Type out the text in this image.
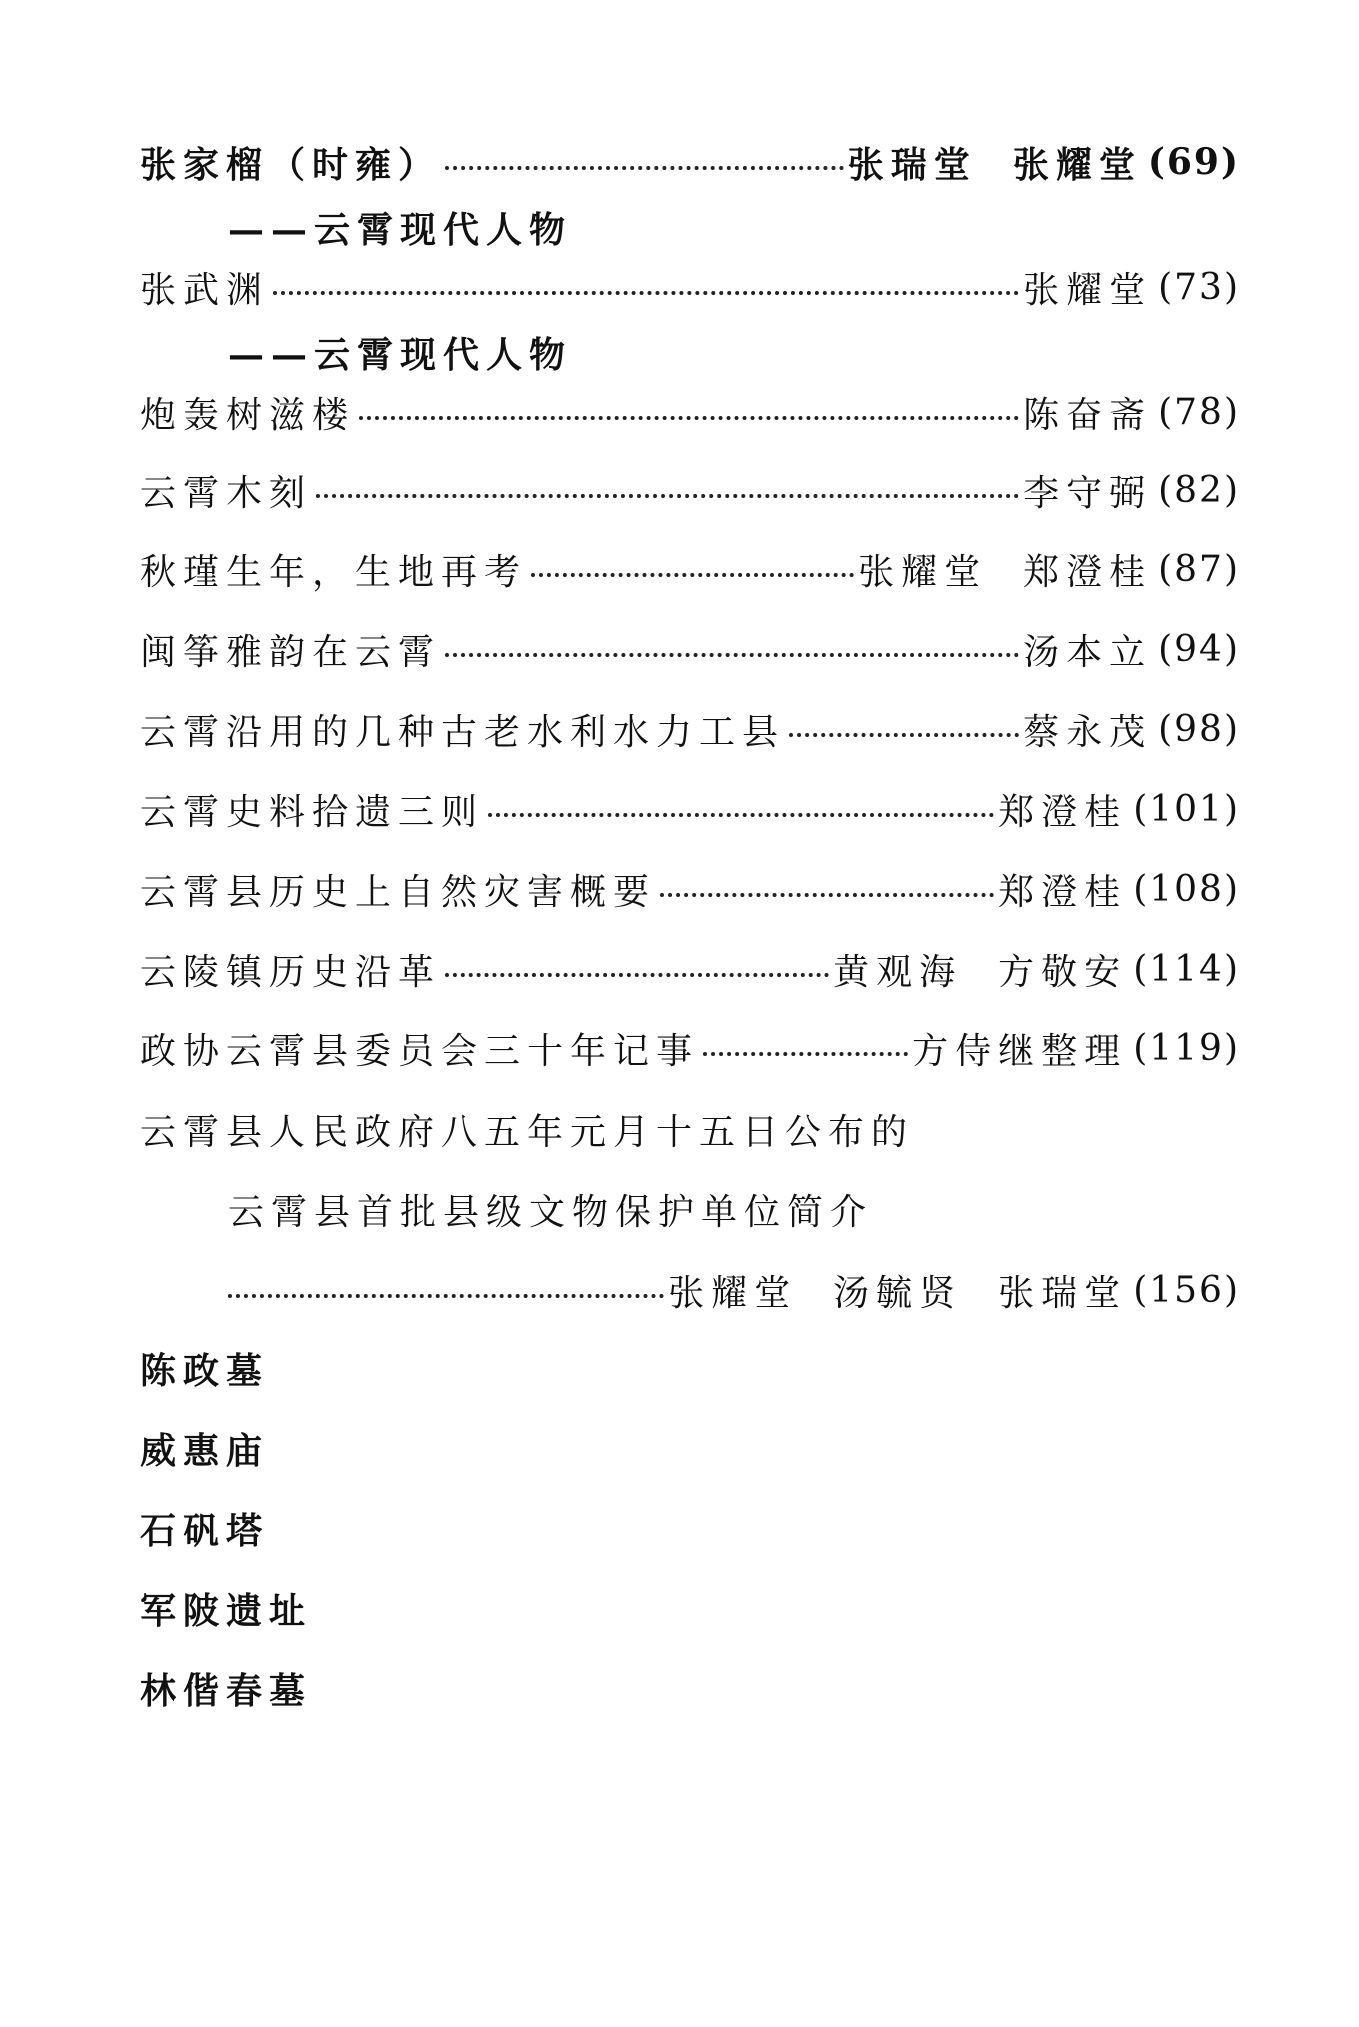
张家榴（时雍）	张瑞堂 张耀堂 (69)
——云霄现代人物
张武渊	张耀堂 (73)
——云霄现代人物
炮轰树滋楼	陈奋斋 (78)
云霄木刻	李守弼 (82)
秋瑾生年，生地再考	张耀堂 郑澄桂 (87)
闽筝雅韵在云霄	汤本立 (94)
云霄沿用的几种古老水利水力工县	蔡永茂 (98)
云霄史料拾遗三则	郑澄桂 (101)
云霄县历史上自然灾害概要	郑澄桂 (108)
云陵镇历史沿革	黄观海 方敬安 (114)
政协云霄县委员会三十年记事	方侍继整理 (119)
云霄县人民政府八五年元月十五日公布的
云霄县首批县级文物保护单位简介
张耀堂 汤毓贤 张瑞堂 (156)
陈政墓
威惠庙
石矾塔
军陂遗址
林偕春墓
